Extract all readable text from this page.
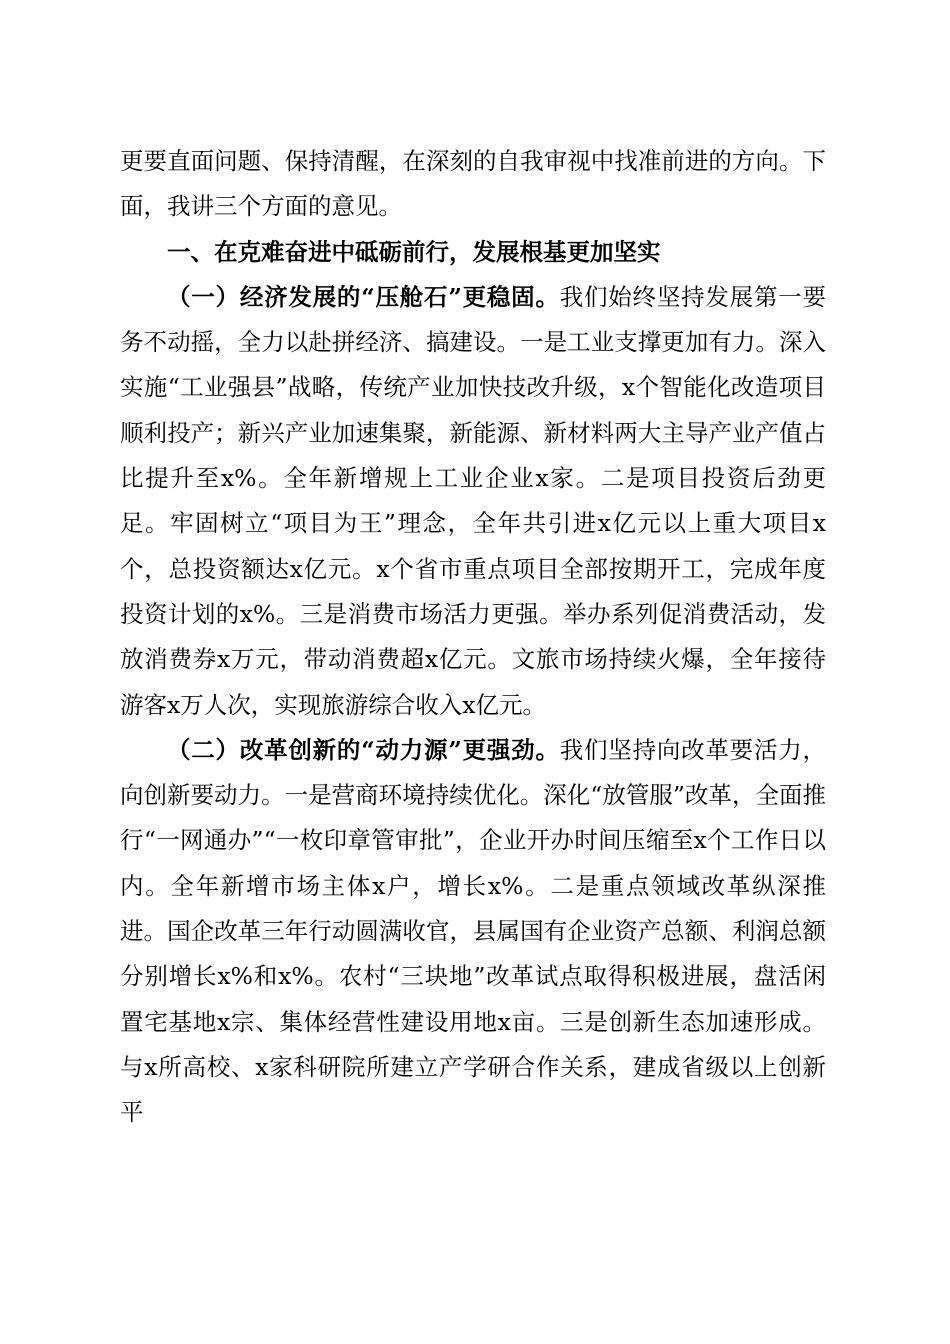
更要直面问题、保持清醒，在深刻的自我审视中找准前进的方向。下面，我讲三个方面的意见。

一、在克难奋进中砥砺前行，发展根基更加坚实

（一）经济发展的“压舱石”更稳固。我们始终坚持发展第一要务不动摇，全力以赴拼经济、搞建设。一是工业支撑更加有力。深入实施“工业强县”战略，传统产业加快技改升级，x个智能化改造项目顺利投产；新兴产业加速集聚，新能源、新材料两大主导产业产值占比提升至x%。全年新增规上工业企业x家。二是项目投资后劲更足。牢固树立“项目为王”理念，全年共引进x亿元以上重大项目x个，总投资额达x亿元。x个省市重点项目全部按期开工，完成年度投资计划的x%。三是消费市场活力更强。举办系列促消费活动，发放消费券x万元，带动消费超x亿元。文旅市场持续火爆，全年接待游客x万人次，实现旅游综合收入x亿元。

（二）改革创新的“动力源”更强劲。我们坚持向改革要活力，向创新要动力。一是营商环境持续优化。深化“放管服”改革，全面推行“一网通办”“一枚印章管审批”，企业开办时间压缩至x个工作日以内。全年新增市场主体x户，增长x%。二是重点领域改革纵深推进。国企改革三年行动圆满收官，县属国有企业资产总额、利润总额分别增长x%和x%。农村“三块地”改革试点取得积极进展，盘活闲置宅基地x宗、集体经营性建设用地x亩。三是创新生态加速形成。与x所高校、x家科研院所建立产学研合作关系，建成省级以上创新平
